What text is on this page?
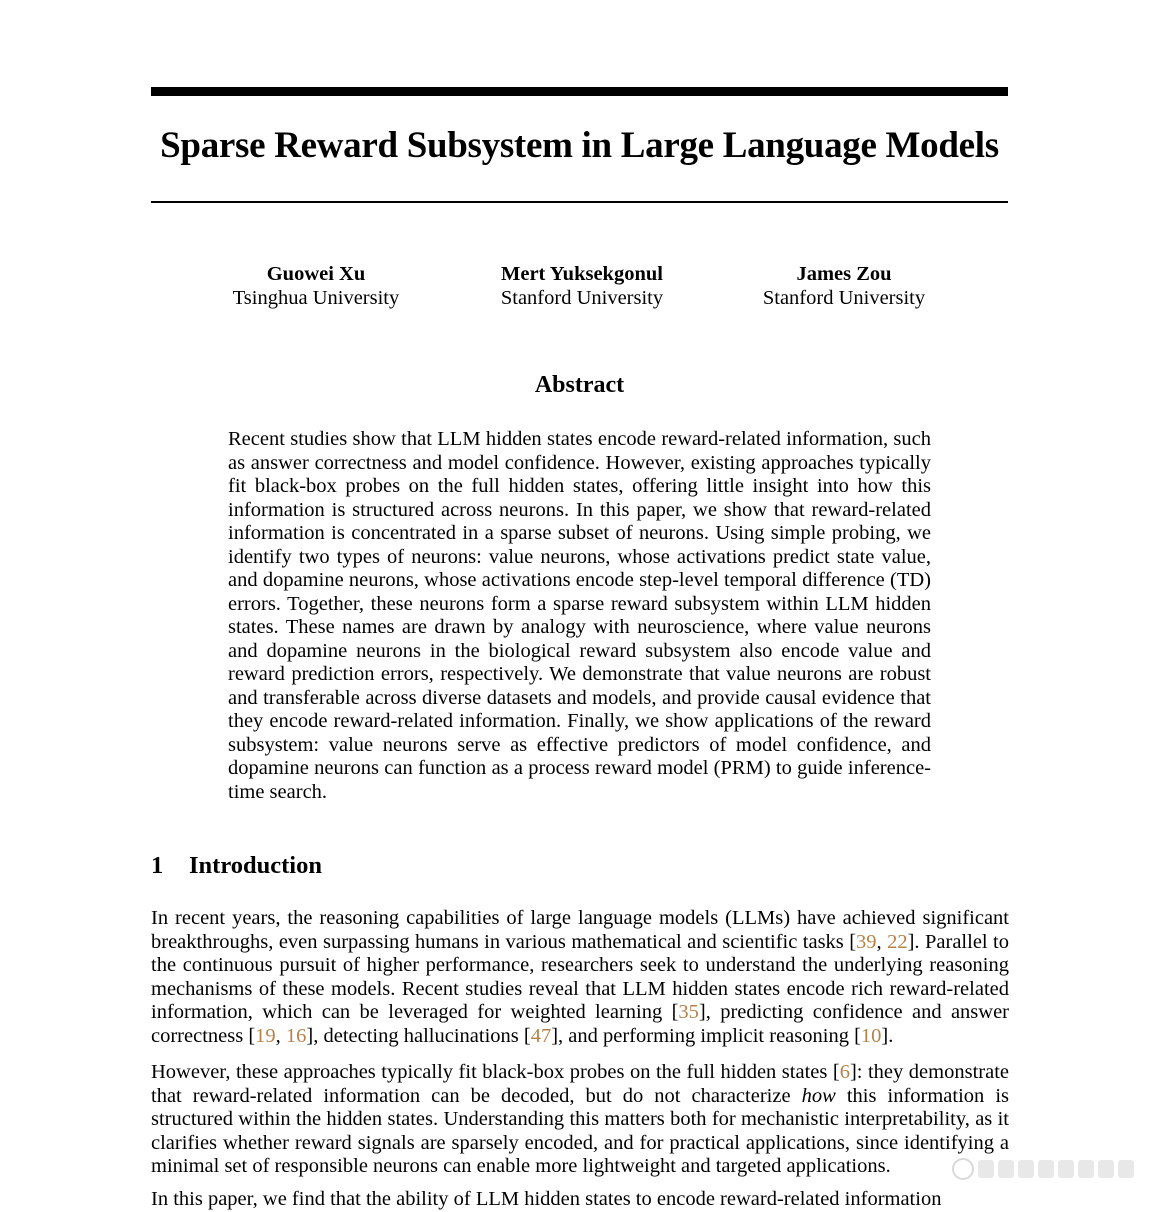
Sparse Reward Subsystem in Large Language Models
Guowei Xu
Tsinghua University
Mert Yuksekgonul
Stanford University
James Zou
Stanford University
Abstract
Recent studies show that LLM hidden states encode reward-related information, such as answer correctness and model confidence. However, existing approaches typically fit black-box probes on the full hidden states, offering little insight into how this information is structured across neurons. In this paper, we show that reward-related information is concentrated in a sparse subset of neurons. Using simple probing, we identify two types of neurons: value neurons, whose activations predict state value, and dopamine neurons, whose activations encode step-level temporal difference (TD) errors. Together, these neurons form a sparse reward subsystem within LLM hidden states. These names are drawn by analogy with neuroscience, where value neurons and dopamine neurons in the biological reward subsystem also encode value and reward prediction errors, respectively. We demonstrate that value neurons are robust and transferable across diverse datasets and models, and provide causal evidence that they encode reward-related information. Finally, we show applications of the reward subsystem: value neurons serve as effective predictors of model confidence, and dopamine neurons can function as a process reward model (PRM) to guide inference-time search.
1 Introduction
In recent years, the reasoning capabilities of large language models (LLMs) have achieved significant breakthroughs, even surpassing humans in various mathematical and scientific tasks [39, 22]. Parallel to the continuous pursuit of higher performance, researchers seek to understand the underlying reasoning mechanisms of these models. Recent studies reveal that LLM hidden states encode rich reward-related information, which can be leveraged for weighted learning [35], predicting confidence and answer correctness [19, 16], detecting hallucinations [47], and performing implicit reasoning [10].
However, these approaches typically fit black-box probes on the full hidden states [6]: they demonstrate that reward-related information can be decoded, but do not characterize how this information is structured within the hidden states. Understanding this matters both for mechanistic interpretability, as it clarifies whether reward signals are sparsely encoded, and for practical applications, since identifying a minimal set of responsible neurons can enable more lightweight and targeted applications.
In this paper, we find that the ability of LLM hidden states to encode reward-related information
